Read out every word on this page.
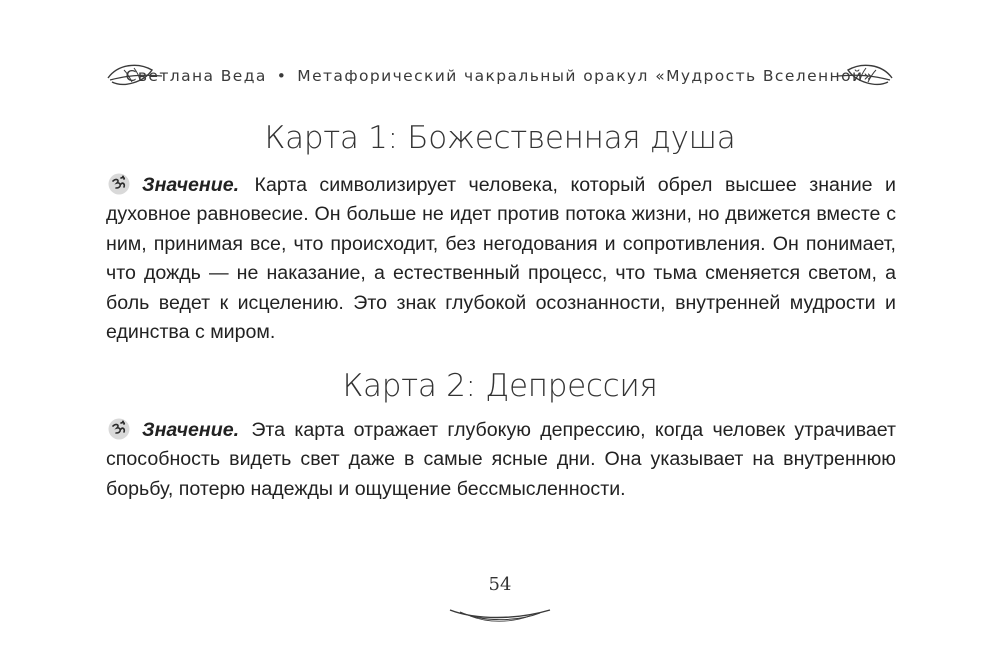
Светлана Веда • Метафорический чакральный оракул «Мудрость Вселенной»
Карта 1: Божественная душа
Значение. Карта символизирует человека, который обрел высшее знание и духовное равновесие. Он больше не идет против потока жизни, но движется вместе с ним, принимая все, что происходит, без негодования и сопротивления. Он понимает, что дождь — не наказание, а естественный процесс, что тьма сменяется светом, а боль ведет к исцелению. Это знак глубокой осознанности, внутренней мудрости и единства с миром.
Карта 2: Депрессия
Значение. Эта карта отражает глубокую депрессию, когда человек утрачивает способность видеть свет даже в самые ясные дни. Она указывает на внутреннюю борьбу, потерю надежды и ощущение бессмысленности.
54
